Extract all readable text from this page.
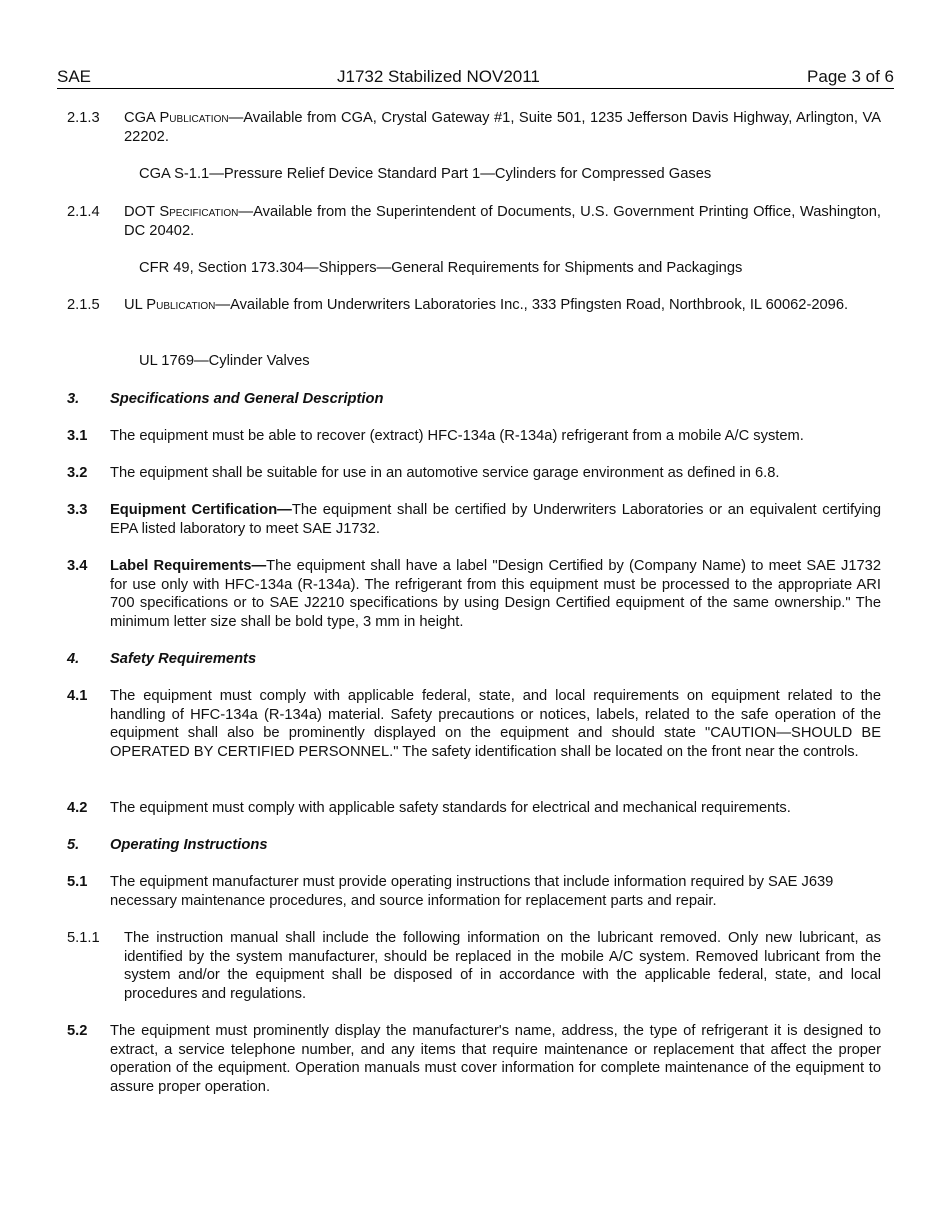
SAE	J1732 Stabilized NOV2011	Page 3 of 6
2.1.3 CGA Publication—Available from CGA, Crystal Gateway #1, Suite 501, 1235 Jefferson Davis Highway, Arlington, VA 22202.
CGA S-1.1—Pressure Relief Device Standard Part 1—Cylinders for Compressed Gases
2.1.4 DOT Specification—Available from the Superintendent of Documents, U.S. Government Printing Office, Washington, DC 20402.
CFR 49, Section 173.304—Shippers—General Requirements for Shipments and Packagings
2.1.5 UL Publication—Available from Underwriters Laboratories Inc., 333 Pfingsten Road, Northbrook, IL 60062-2096.
UL 1769—Cylinder Valves
3. Specifications and General Description
3.1 The equipment must be able to recover (extract) HFC-134a (R-134a) refrigerant from a mobile A/C system.
3.2 The equipment shall be suitable for use in an automotive service garage environment as defined in 6.8.
3.3 Equipment Certification—The equipment shall be certified by Underwriters Laboratories or an equivalent certifying EPA listed laboratory to meet SAE J1732.
3.4 Label Requirements—The equipment shall have a label "Design Certified by (Company Name) to meet SAE J1732 for use only with HFC-134a (R-134a). The refrigerant from this equipment must be processed to the appropriate ARI 700 specifications or to SAE J2210 specifications by using Design Certified equipment of the same ownership." The minimum letter size shall be bold type, 3 mm in height.
4. Safety Requirements
4.1 The equipment must comply with applicable federal, state, and local requirements on equipment related to the handling of HFC-134a (R-134a) material. Safety precautions or notices, labels, related to the safe operation of the equipment shall also be prominently displayed on the equipment and should state "CAUTION—SHOULD BE OPERATED BY CERTIFIED PERSONNEL." The safety identification shall be located on the front near the controls.
4.2 The equipment must comply with applicable safety standards for electrical and mechanical requirements.
5. Operating Instructions
5.1 The equipment manufacturer must provide operating instructions that include information required by SAE J639 necessary maintenance procedures, and source information for replacement parts and repair.
5.1.1 The instruction manual shall include the following information on the lubricant removed. Only new lubricant, as identified by the system manufacturer, should be replaced in the mobile A/C system. Removed lubricant from the system and/or the equipment shall be disposed of in accordance with the applicable federal, state, and local procedures and regulations.
5.2 The equipment must prominently display the manufacturer's name, address, the type of refrigerant it is designed to extract, a service telephone number, and any items that require maintenance or replacement that affect the proper operation of the equipment. Operation manuals must cover information for complete maintenance of the equipment to assure proper operation.
